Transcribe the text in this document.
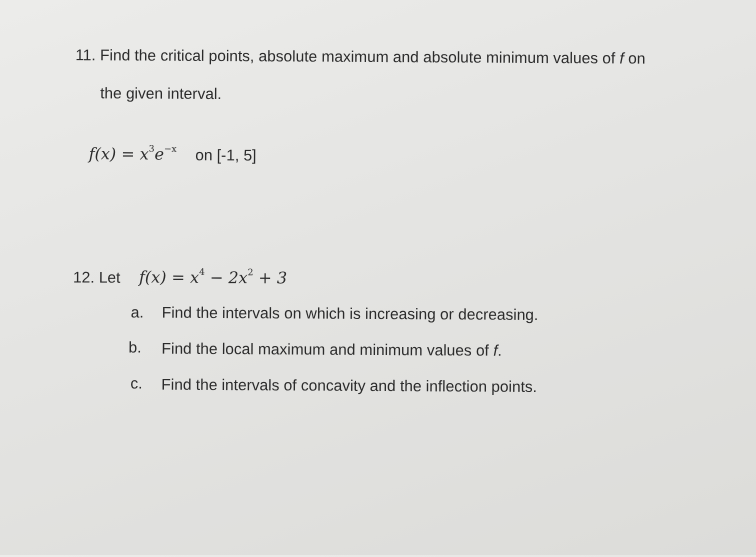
11. Find the critical points, absolute maximum and absolute minimum values of f on
the given interval.
$f(x) = x^3e^{-x}$ on [-1, 5]
12. Let $f(x) = x^4 - 2x^2 + 3$
a. Find the intervals on which is increasing or decreasing.
b. Find the local maximum and minimum values of f.
c. Find the intervals of concavity and the inflection points.
